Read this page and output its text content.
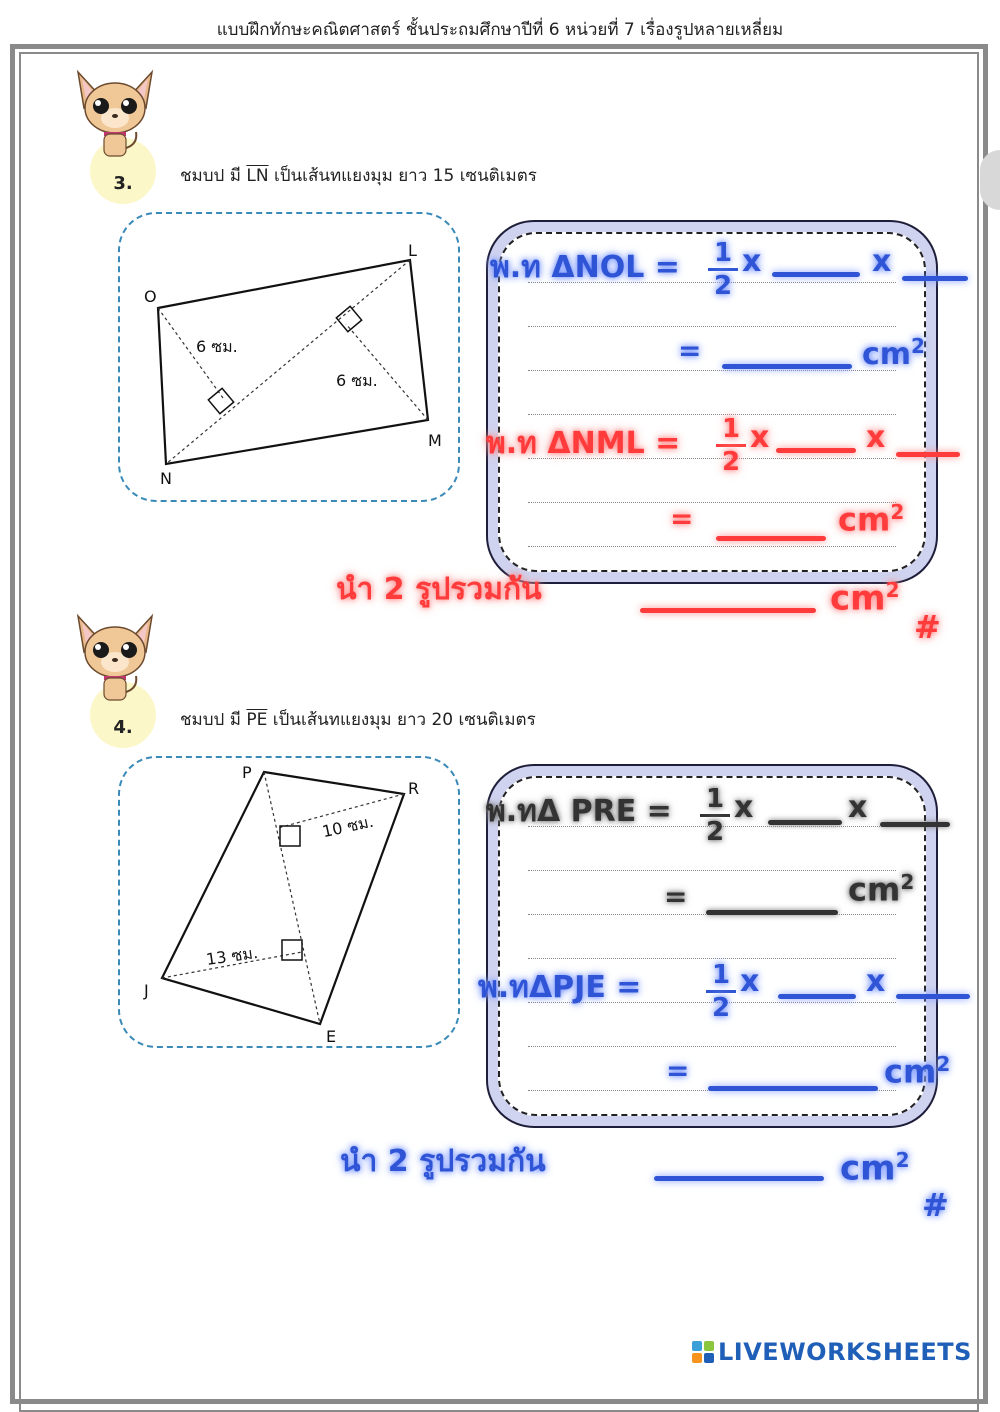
แบบฝึกทักษะคณิตศาสตร์ ชั้นประถมศึกษาปีที่ 6 หน่วยที่ 7 เรื่องรูปหลายเหลี่ยม
3.	ชมบป มี $\overline{LN}$ เป็นเส้นทแยงมุม ยาว 15 เซนติเมตร
O
L
M
N
6 ซม.
6 ซม.
พ.ท ΔNOL = 1
2
x	x
=	$cm^2$
พ.ท ΔNML = 1
2
x	x
=	$cm^2$
นำ 2 รูปรวมกัน	$cm^2$
#
4.	ชมบป มี $\overline{PE}$ เป็นเส้นทแยงมุม ยาว 20 เซนติเมตร
P
R
J
E
10 ซม.
13 ซม.
พ.ทΔ PRE = 1
2
x	x
=	$cm^2$
พ.ทΔPJE =	1
2
x	x
=	$cm^2$
นำ 2 รูปรวมกัน	$cm^2$
#
LIVEWORKSHEETS
